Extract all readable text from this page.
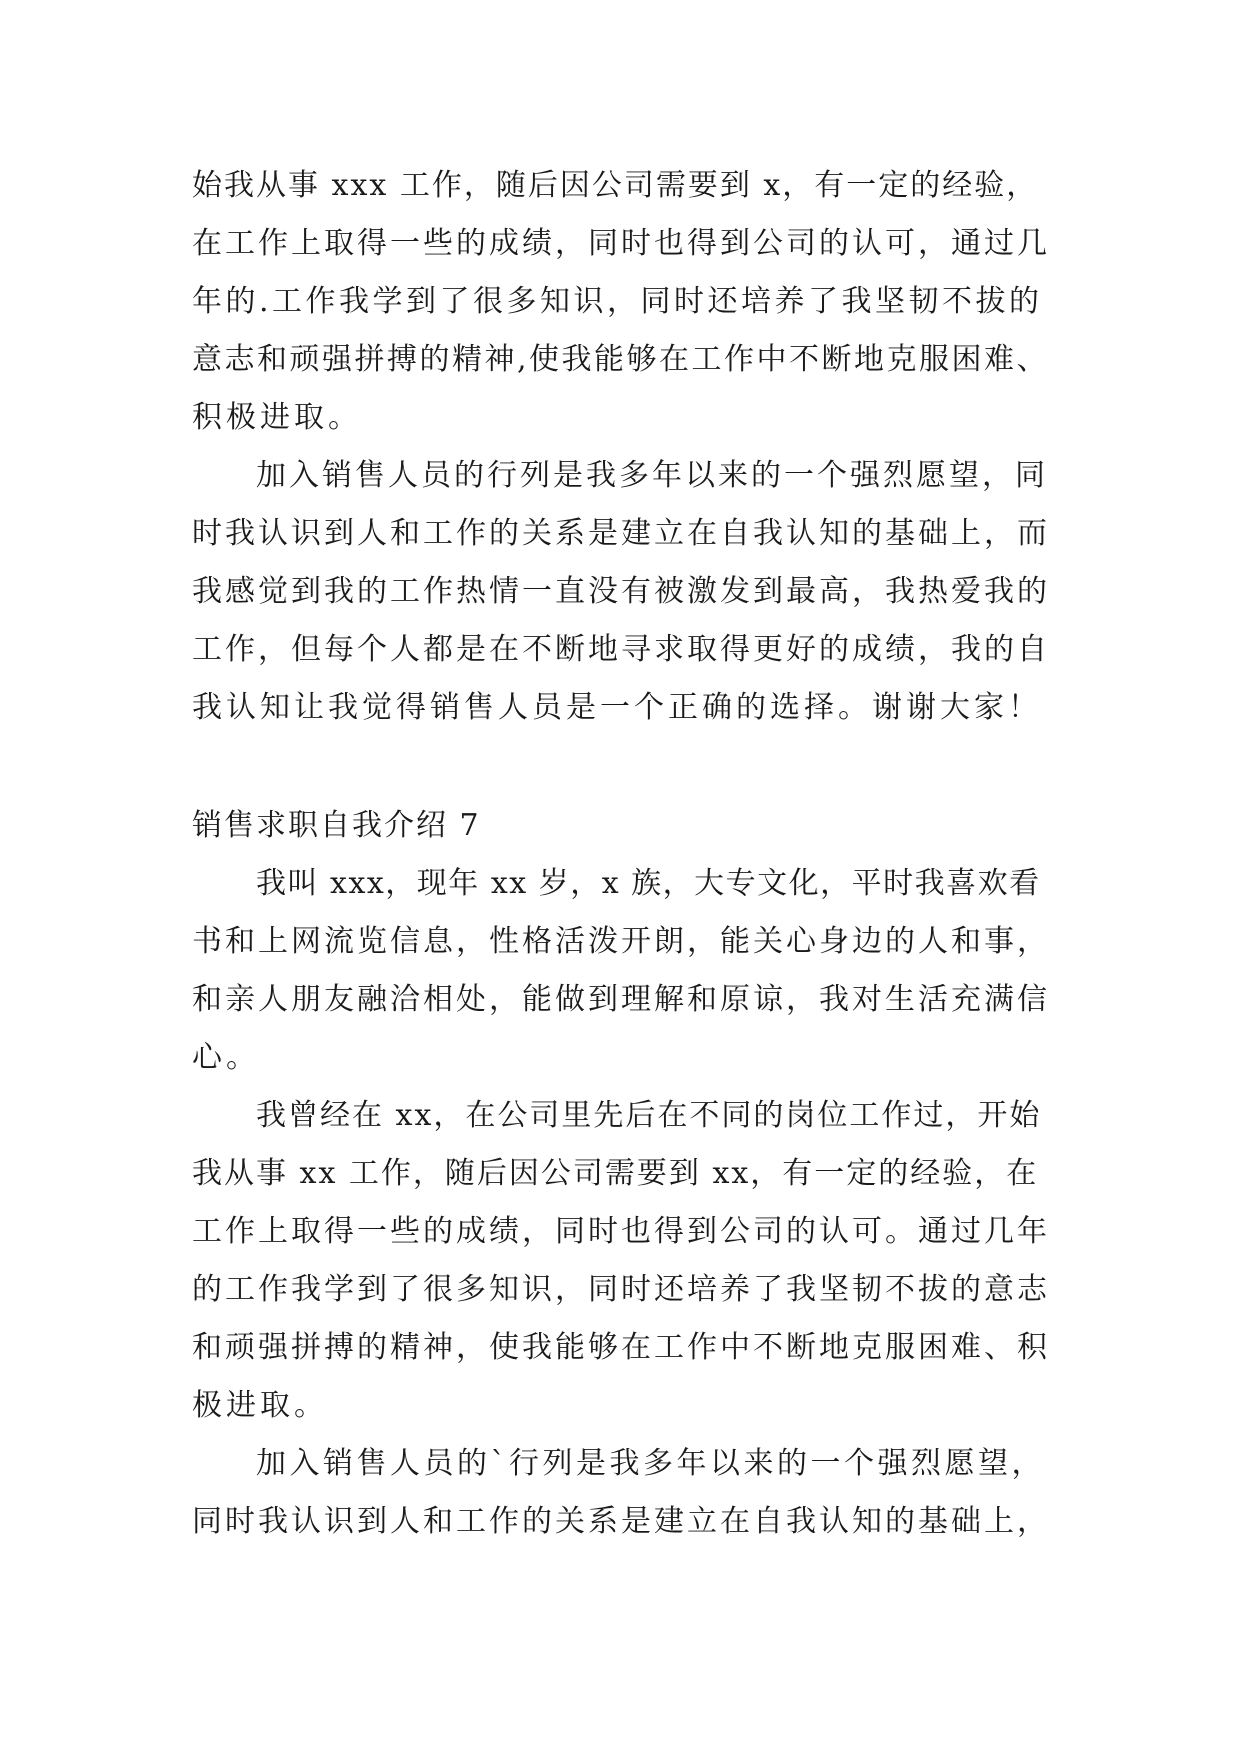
始我从事 xxx 工作，随后因公司需要到 x，有一定的经验，
在工作上取得一些的成绩，同时也得到公司的认可，通过几
年的.工作我学到了很多知识，同时还培养了我坚韧不拔的
意志和顽强拼搏的精神,使我能够在工作中不断地克服困难、
积极进取。
加入销售人员的行列是我多年以来的一个强烈愿望，同
时我认识到人和工作的关系是建立在自我认知的基础上，而
我感觉到我的工作热情一直没有被激发到最高，我热爱我的
工作，但每个人都是在不断地寻求取得更好的成绩，我的自
我认知让我觉得销售人员是一个正确的选择。谢谢大家！
销售求职自我介绍 7
我叫 xxx，现年 xx 岁，x 族，大专文化，平时我喜欢看
书和上网流览信息，性格活泼开朗，能关心身边的人和事，
和亲人朋友融洽相处，能做到理解和原谅，我对生活充满信
心。
我曾经在 xx，在公司里先后在不同的岗位工作过，开始
我从事 xx 工作，随后因公司需要到 xx，有一定的经验，在
工作上取得一些的成绩，同时也得到公司的认可。通过几年
的工作我学到了很多知识，同时还培养了我坚韧不拔的意志
和顽强拼搏的精神，使我能够在工作中不断地克服困难、积
极进取。
加入销售人员的`行列是我多年以来的一个强烈愿望，
同时我认识到人和工作的关系是建立在自我认知的基础上，
